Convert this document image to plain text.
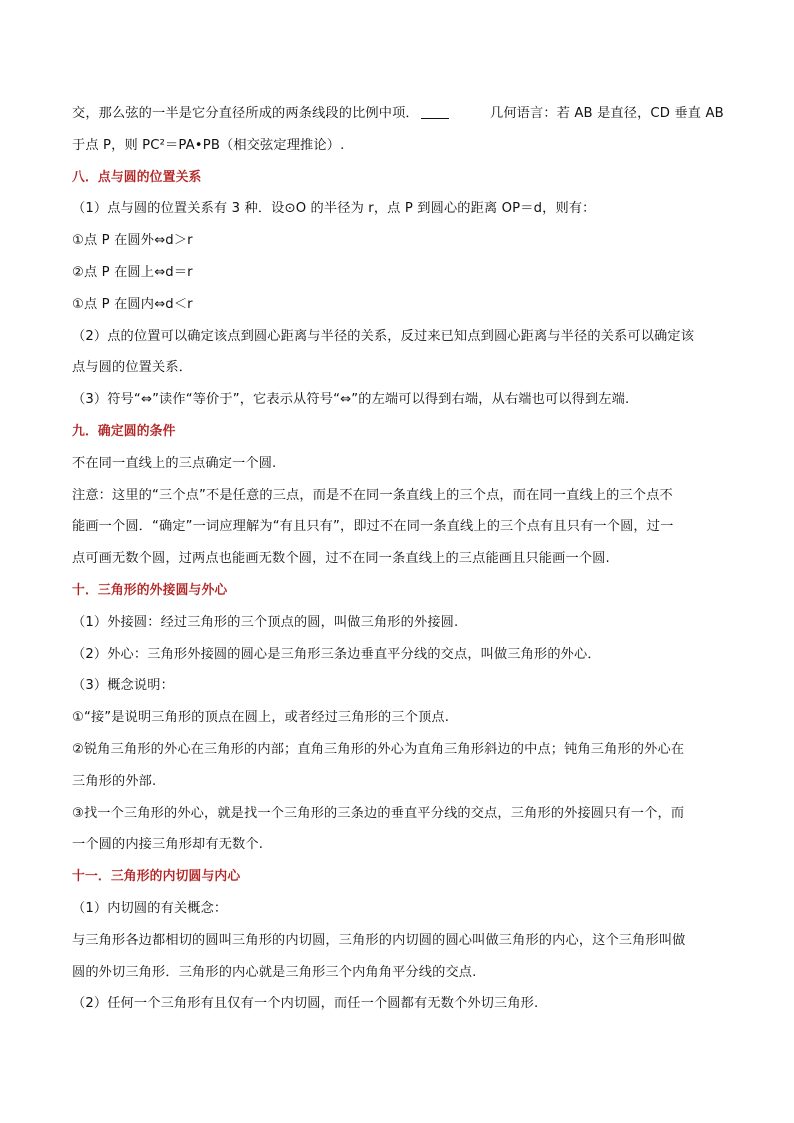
交，那么弦的一半是它分直径所成的两条线段的比例中项．	几何语言：若 AB 是直径，CD 垂直 AB
于点 P，则 PC²＝PA•PB（相交弦定理推论）.
八．点与圆的位置关系
（1）点与圆的位置关系有 3 种．设⊙O 的半径为 r，点 P 到圆心的距离 OP＝d，则有：
①点 P 在圆外⇔d＞r
②点 P 在圆上⇔d＝r
①点 P 在圆内⇔d＜r
（2）点的位置可以确定该点到圆心距离与半径的关系，反过来已知点到圆心距离与半径的关系可以确定该
点与圆的位置关系．
（3）符号“⇔”读作“等价于”，它表示从符号“⇔”的左端可以得到右端，从右端也可以得到左端.
九．确定圆的条件
不在同一直线上的三点确定一个圆.
注意：这里的“三个点”不是任意的三点，而是不在同一条直线上的三个点，而在同一直线上的三个点不
能画一个圆．“确定”一词应理解为“有且只有”，即过不在同一条直线上的三个点有且只有一个圆，过一
点可画无数个圆，过两点也能画无数个圆，过不在同一条直线上的三点能画且只能画一个圆.
十．三角形的外接圆与外心
（1）外接圆：经过三角形的三个顶点的圆，叫做三角形的外接圆.
（2）外心：三角形外接圆的圆心是三角形三条边垂直平分线的交点，叫做三角形的外心．
（3）概念说明：
①“接”是说明三角形的顶点在圆上，或者经过三角形的三个顶点.
②锐角三角形的外心在三角形的内部；直角三角形的外心为直角三角形斜边的中点；钝角三角形的外心在
三角形的外部.
③找一个三角形的外心，就是找一个三角形的三条边的垂直平分线的交点，三角形的外接圆只有一个，而
一个圆的内接三角形却有无数个.
十一．三角形的内切圆与内心
（1）内切圆的有关概念：
与三角形各边都相切的圆叫三角形的内切圆，三角形的内切圆的圆心叫做三角形的内心，这个三角形叫做
圆的外切三角形．三角形的内心就是三角形三个内角角平分线的交点.
（2）任何一个三角形有且仅有一个内切圆，而任一个圆都有无数个外切三角形.
